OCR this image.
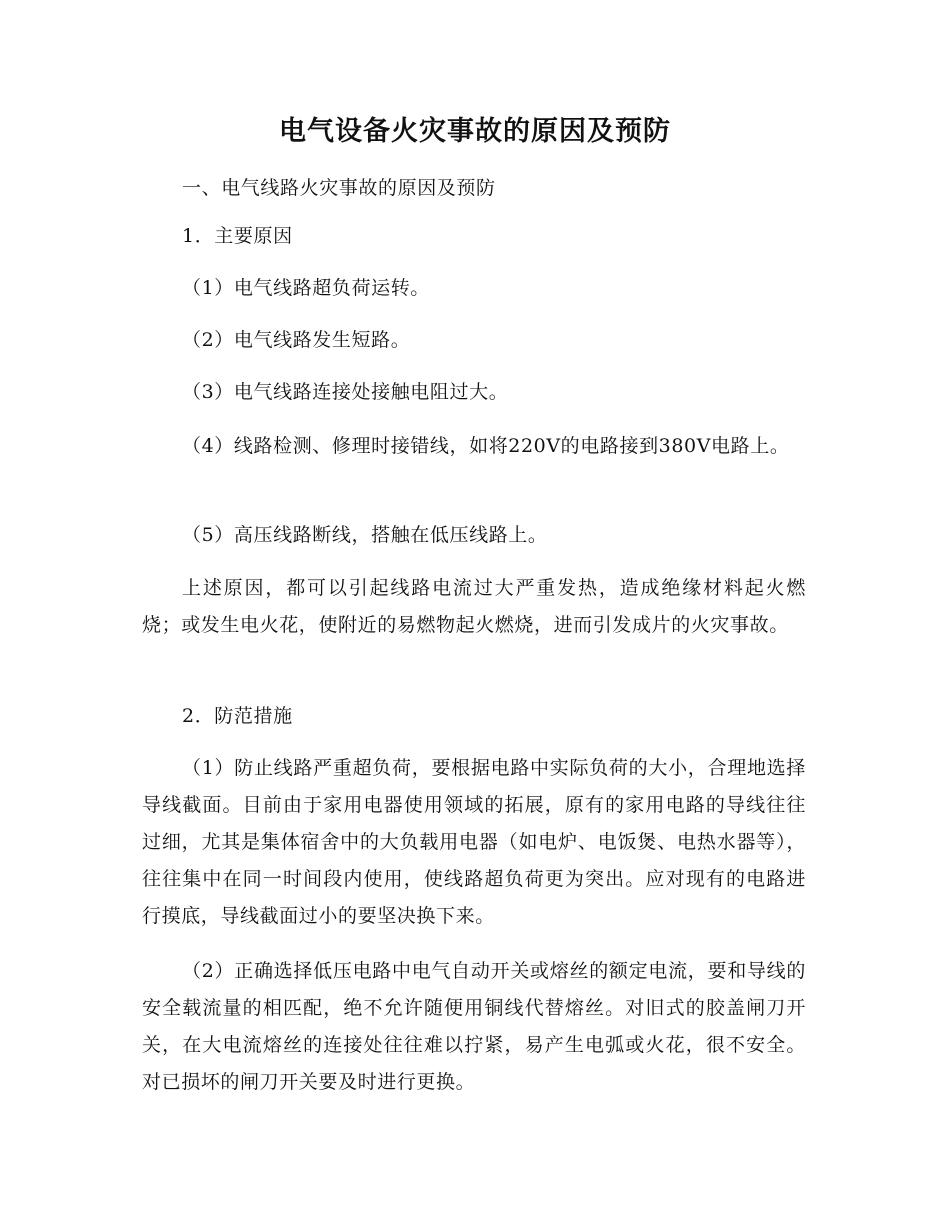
电气设备火灾事故的原因及预防

一、电气线路火灾事故的原因及预防

1．主要原因

（1）电气线路超负荷运转。

（2）电气线路发生短路。

（3）电气线路连接处接触电阻过大。

（4）线路检测、修理时接错线，如将220V的电路接到380V电路上。

（5）高压线路断线，搭触在低压线路上。

上述原因，都可以引起线路电流过大严重发热，造成绝缘材料起火燃烧；或发生电火花，使附近的易燃物起火燃烧，进而引发成片的火灾事故。

2．防范措施

（1）防止线路严重超负荷，要根据电路中实际负荷的大小，合理地选择导线截面。目前由于家用电器使用领域的拓展，原有的家用电路的导线往往过细，尤其是集体宿舍中的大负载用电器（如电炉、电饭煲、电热水器等），往往集中在同一时间段内使用，使线路超负荷更为突出。应对现有的电路进行摸底，导线截面过小的要坚决换下来。

（2）正确选择低压电路中电气自动开关或熔丝的额定电流，要和导线的安全载流量的相匹配，绝不允许随便用铜线代替熔丝。对旧式的胶盖闸刀开关，在大电流熔丝的连接处往往难以拧紧，易产生电弧或火花，很不安全。对已损坏的闸刀开关要及时进行更换。
